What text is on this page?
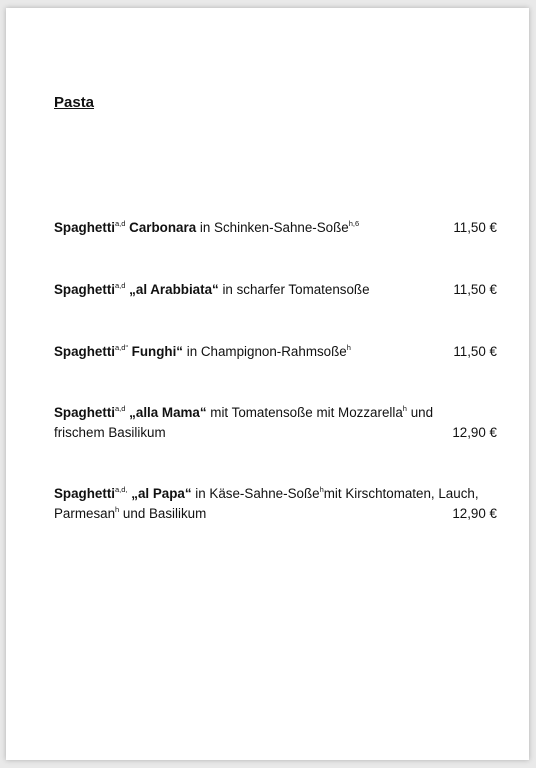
Pasta
Spaghetti$^{a,d}$ Carbonara in Schinken-Sahne-Soße$^{h,6}$	11,50 €
Spaghetti$^{a,d}$ „al Arabbiata“ in scharfer Tomatensoße	11,50 €
Spaghetti$^{a,d“}$ Funghi“ in Champignon-Rahmsoße$^h$	11,50 €
Spaghetti$^{a,d}$ „alla Mama“ mit Tomatensoße mit Mozzarella$^h$ und
frischem Basilikum	12,90 €
Spaghetti$^{a,d,}$ „al Papa“ in Käse-Sahne-Soße$^h$mit Kirschtomaten, Lauch,
Parmesan$^h$ und Basilikum	12,90 €
